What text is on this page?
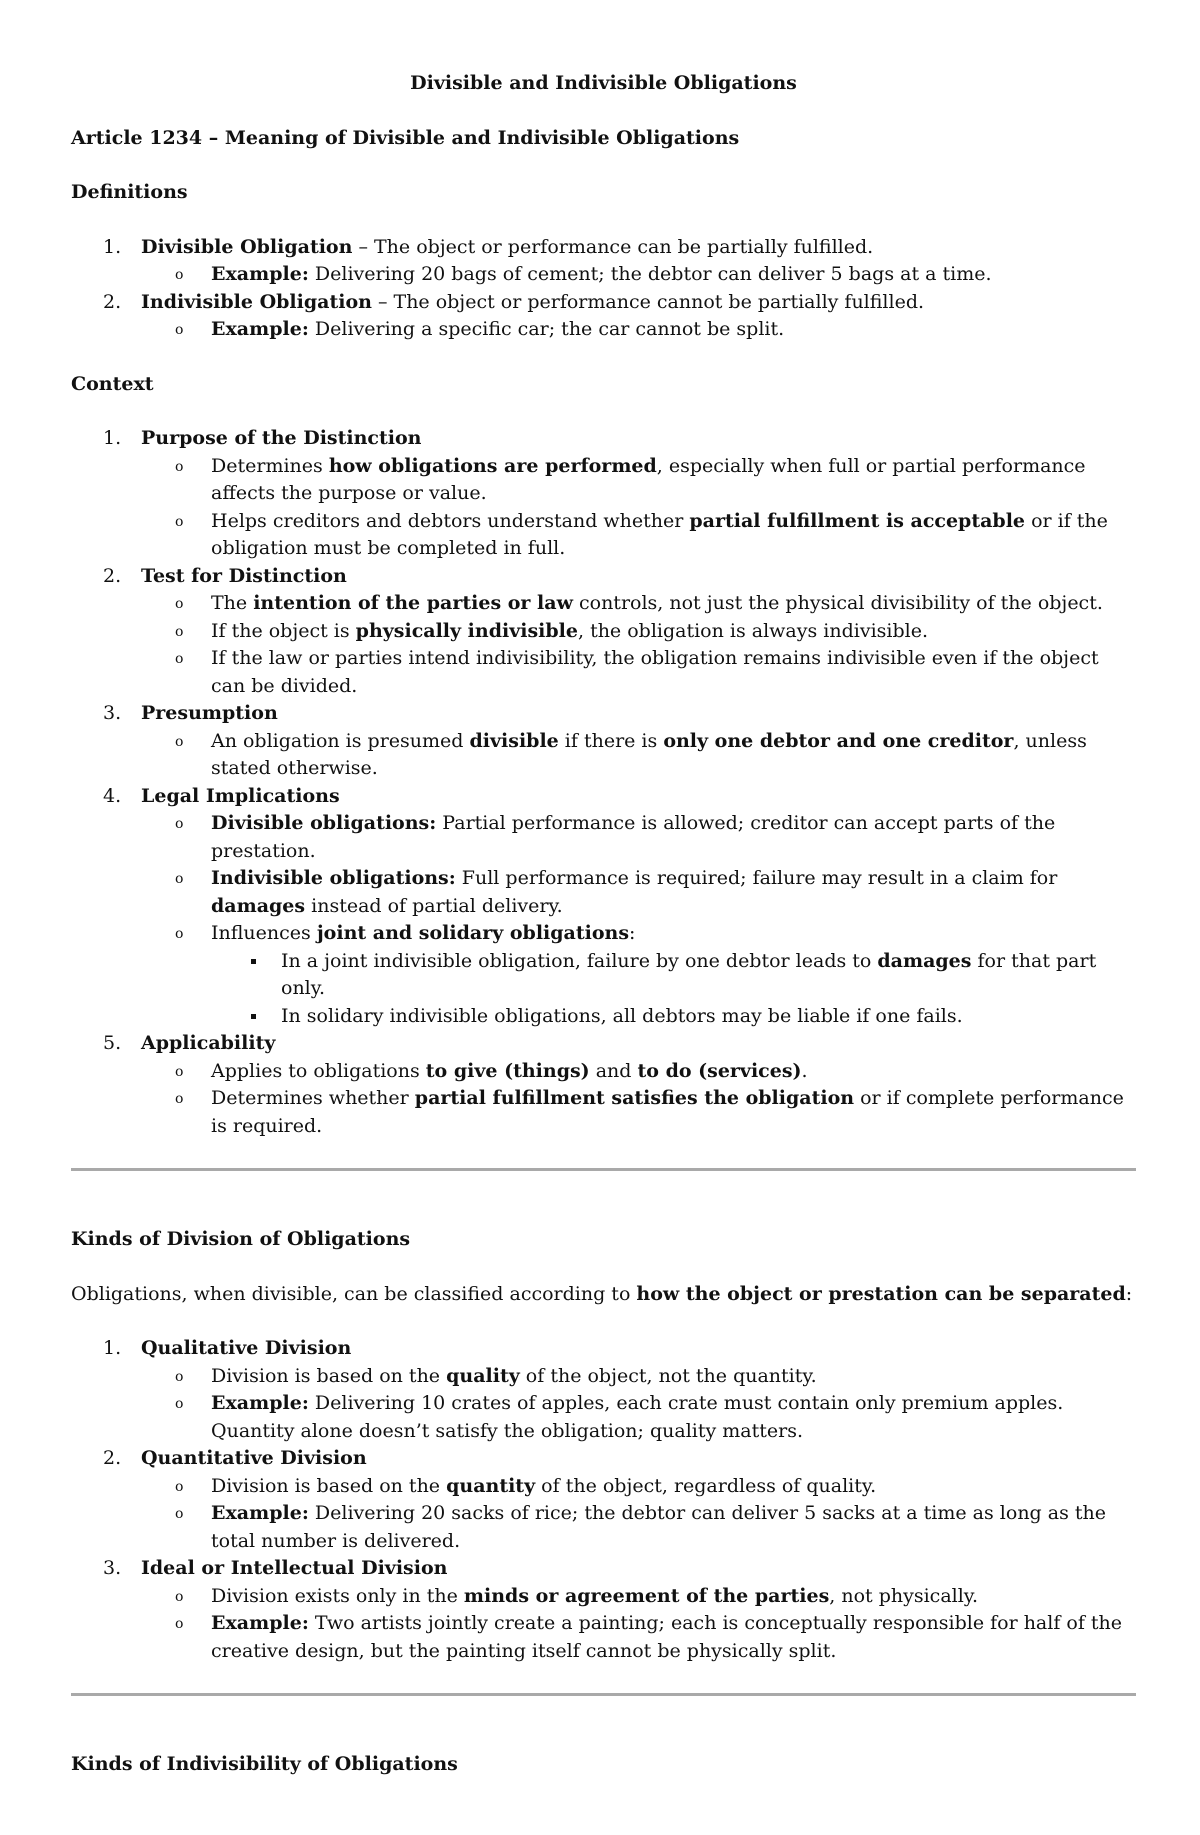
Divisible and Indivisible Obligations
Article 1234 – Meaning of Divisible and Indivisible Obligations
Definitions
1. Divisible Obligation – The object or performance can be partially fulfilled.
o Example: Delivering 20 bags of cement; the debtor can deliver 5 bags at a time.
2. Indivisible Obligation – The object or performance cannot be partially fulfilled.
o Example: Delivering a specific car; the car cannot be split.
Context
1. Purpose of the Distinction
o Determines how obligations are performed, especially when full or partial performance affects the purpose or value.
o Helps creditors and debtors understand whether partial fulfillment is acceptable or if the obligation must be completed in full.
2. Test for Distinction
o The intention of the parties or law controls, not just the physical divisibility of the object.
o If the object is physically indivisible, the obligation is always indivisible.
o If the law or parties intend indivisibility, the obligation remains indivisible even if the object can be divided.
3. Presumption
o An obligation is presumed divisible if there is only one debtor and one creditor, unless stated otherwise.
4. Legal Implications
o Divisible obligations: Partial performance is allowed; creditor can accept parts of the prestation.
o Indivisible obligations: Full performance is required; failure may result in a claim for damages instead of partial delivery.
o Influences joint and solidary obligations:
In a joint indivisible obligation, failure by one debtor leads to damages for that part only.
In solidary indivisible obligations, all debtors may be liable if one fails.
5. Applicability
o Applies to obligations to give (things) and to do (services).
o Determines whether partial fulfillment satisfies the obligation or if complete performance is required.
Kinds of Division of Obligations

Obligations, when divisible, can be classified according to how the object or prestation can be separated:

1. Qualitative Division
o Division is based on the quality of the object, not the quantity.
o Example: Delivering 10 crates of apples, each crate must contain only premium apples. Quantity alone doesn’t satisfy the obligation; quality matters.
2. Quantitative Division
o Division is based on the quantity of the object, regardless of quality.
o Example: Delivering 20 sacks of rice; the debtor can deliver 5 sacks at a time as long as the total number is delivered.
3. Ideal or Intellectual Division
o Division exists only in the minds or agreement of the parties, not physically.
o Example: Two artists jointly create a painting; each is conceptually responsible for half of the creative design, but the painting itself cannot be physically split.
Kinds of Indivisibility of Obligations
